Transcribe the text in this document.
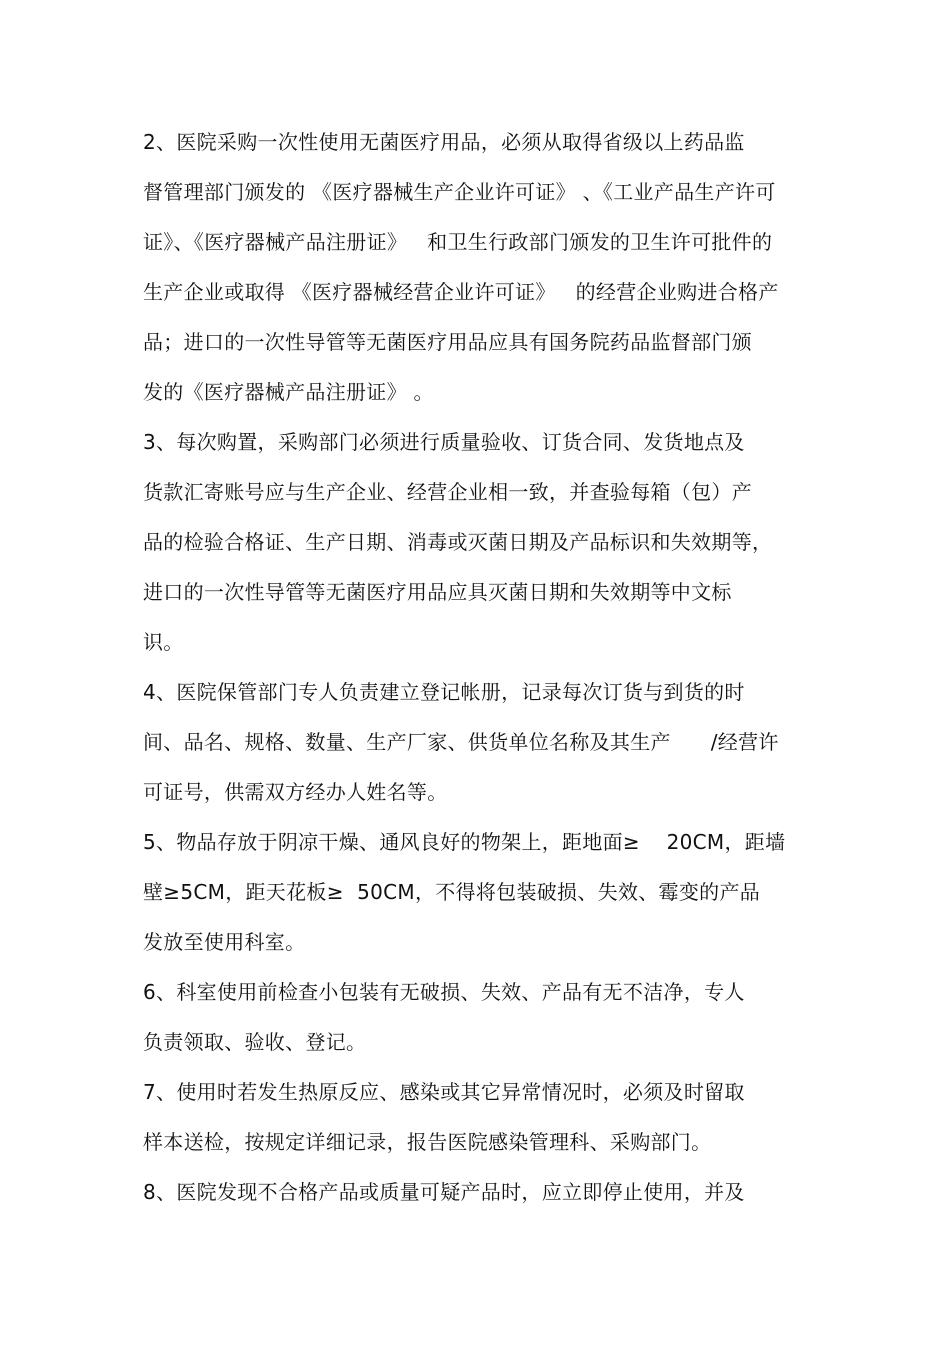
2、医院采购一次性使用无菌医疗用品，必须从取得省级以上药品监
督管理部门颁发的 《医疗器械生产企业许可证》 、《工业产品生产许可
证》、《医疗器械产品注册证》   和卫生行政部门颁发的卫生许可批件的
生产企业或取得 《医疗器械经营企业许可证》   的经营企业购进合格产
品；进口的一次性导管等无菌医疗用品应具有国务院药品监督部门颁
发的《医疗器械产品注册证》 。
3、每次购置，采购部门必须进行质量验收、订货合同、发货地点及
货款汇寄账号应与生产企业、经营企业相一致，并查验每箱（包）产
品的检验合格证、生产日期、消毒或灭菌日期及产品标识和失效期等，
进口的一次性导管等无菌医疗用品应具灭菌日期和失效期等中文标
识。
4、医院保管部门专人负责建立登记帐册，记录每次订货与到货的时
间、品名、规格、数量、生产厂家、供货单位名称及其生产      /经营许
可证号，供需双方经办人姓名等。
5、物品存放于阴凉干燥、通风良好的物架上，距地面≥    20CM，距墙
壁≥5CM，距天花板≥  50CM，不得将包装破损、失效、霉变的产品
发放至使用科室。
6、科室使用前检查小包装有无破损、失效、产品有无不洁净，专人
负责领取、验收、登记。
7、使用时若发生热原反应、感染或其它异常情况时，必须及时留取
样本送检，按规定详细记录，报告医院感染管理科、采购部门。
8、医院发现不合格产品或质量可疑产品时，应立即停止使用，并及
